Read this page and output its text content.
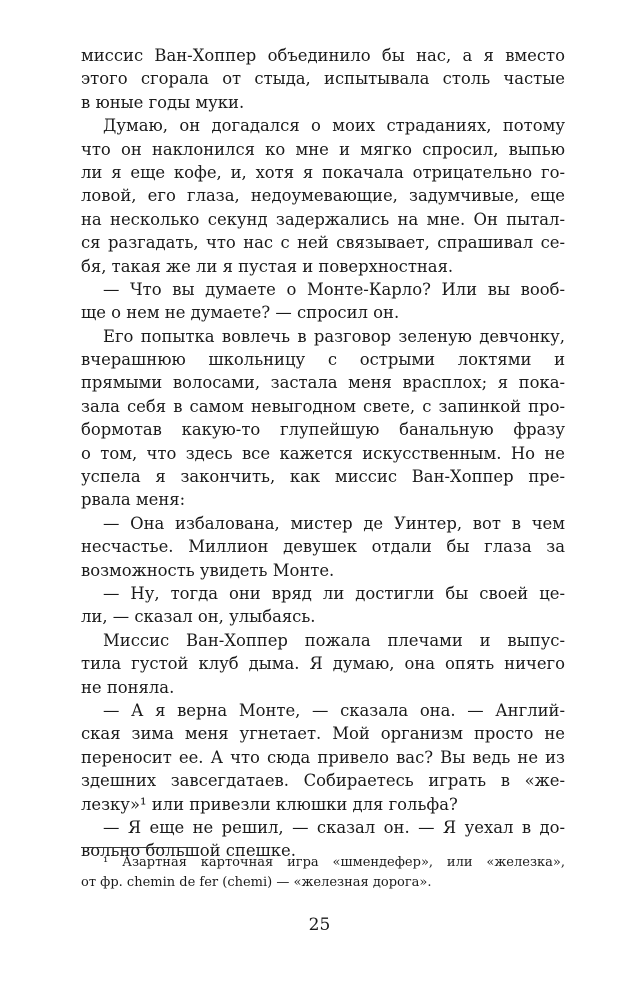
миссис Ван-Хоппер объединило бы нас, а я вместо
этого сгорала от стыда, испытывала столь частые
в юные годы муки.
Думаю, он догадался о моих страданиях, потому
что он наклонился ко мне и мягко спросил, выпью
ли я еще кофе, и, хотя я покачала отрицательно го-
ловой, его глаза, недоумевающие, задумчивые, еще
на несколько секунд задержались на мне. Он пытал-
ся разгадать, что нас с ней связывает, спрашивал се-
бя, такая же ли я пустая и поверхностная.
— Что вы думаете о Монте-Карло? Или вы вооб-
ще о нем не думаете? — спросил он.
Его попытка вовлечь в разговор зеленую девчонку,
вчерашнюю школьницу с острыми локтями и
прямыми волосами, застала меня врасплох; я пока-
зала себя в самом невыгодном свете, с запинкой про-
бормотав какую-то глупейшую банальную фразу
о том, что здесь все кажется искусственным. Но не
успела я закончить, как миссис Ван-Хоппер пре-
рвала меня:
— Она избалована, мистер де Уинтер, вот в чем
несчастье. Миллион девушек отдали бы глаза за
возможность увидеть Монте.
— Ну, тогда они вряд ли достигли бы своей це-
ли, — сказал он, улыбаясь.
Миссис Ван-Хоппер пожала плечами и выпус-
тила густой клуб дыма. Я думаю, она опять ничего
не поняла.
— А я верна Монте, — сказала она. — Англий-
ская зима меня угнетает. Мой организм просто не
переносит ее. А что сюда привело вас? Вы ведь не из
здешних завсегдатаев. Собираетесь играть в «же-
лезку»¹ или привезли клюшки для гольфа?
— Я еще не решил, — сказал он. — Я уехал в до-
вольно большой спешке.
¹ Азартная карточная игра «шмендефер», или «железка»,
от фр. chemin de fer (chemi) — «железная дорога».
25
